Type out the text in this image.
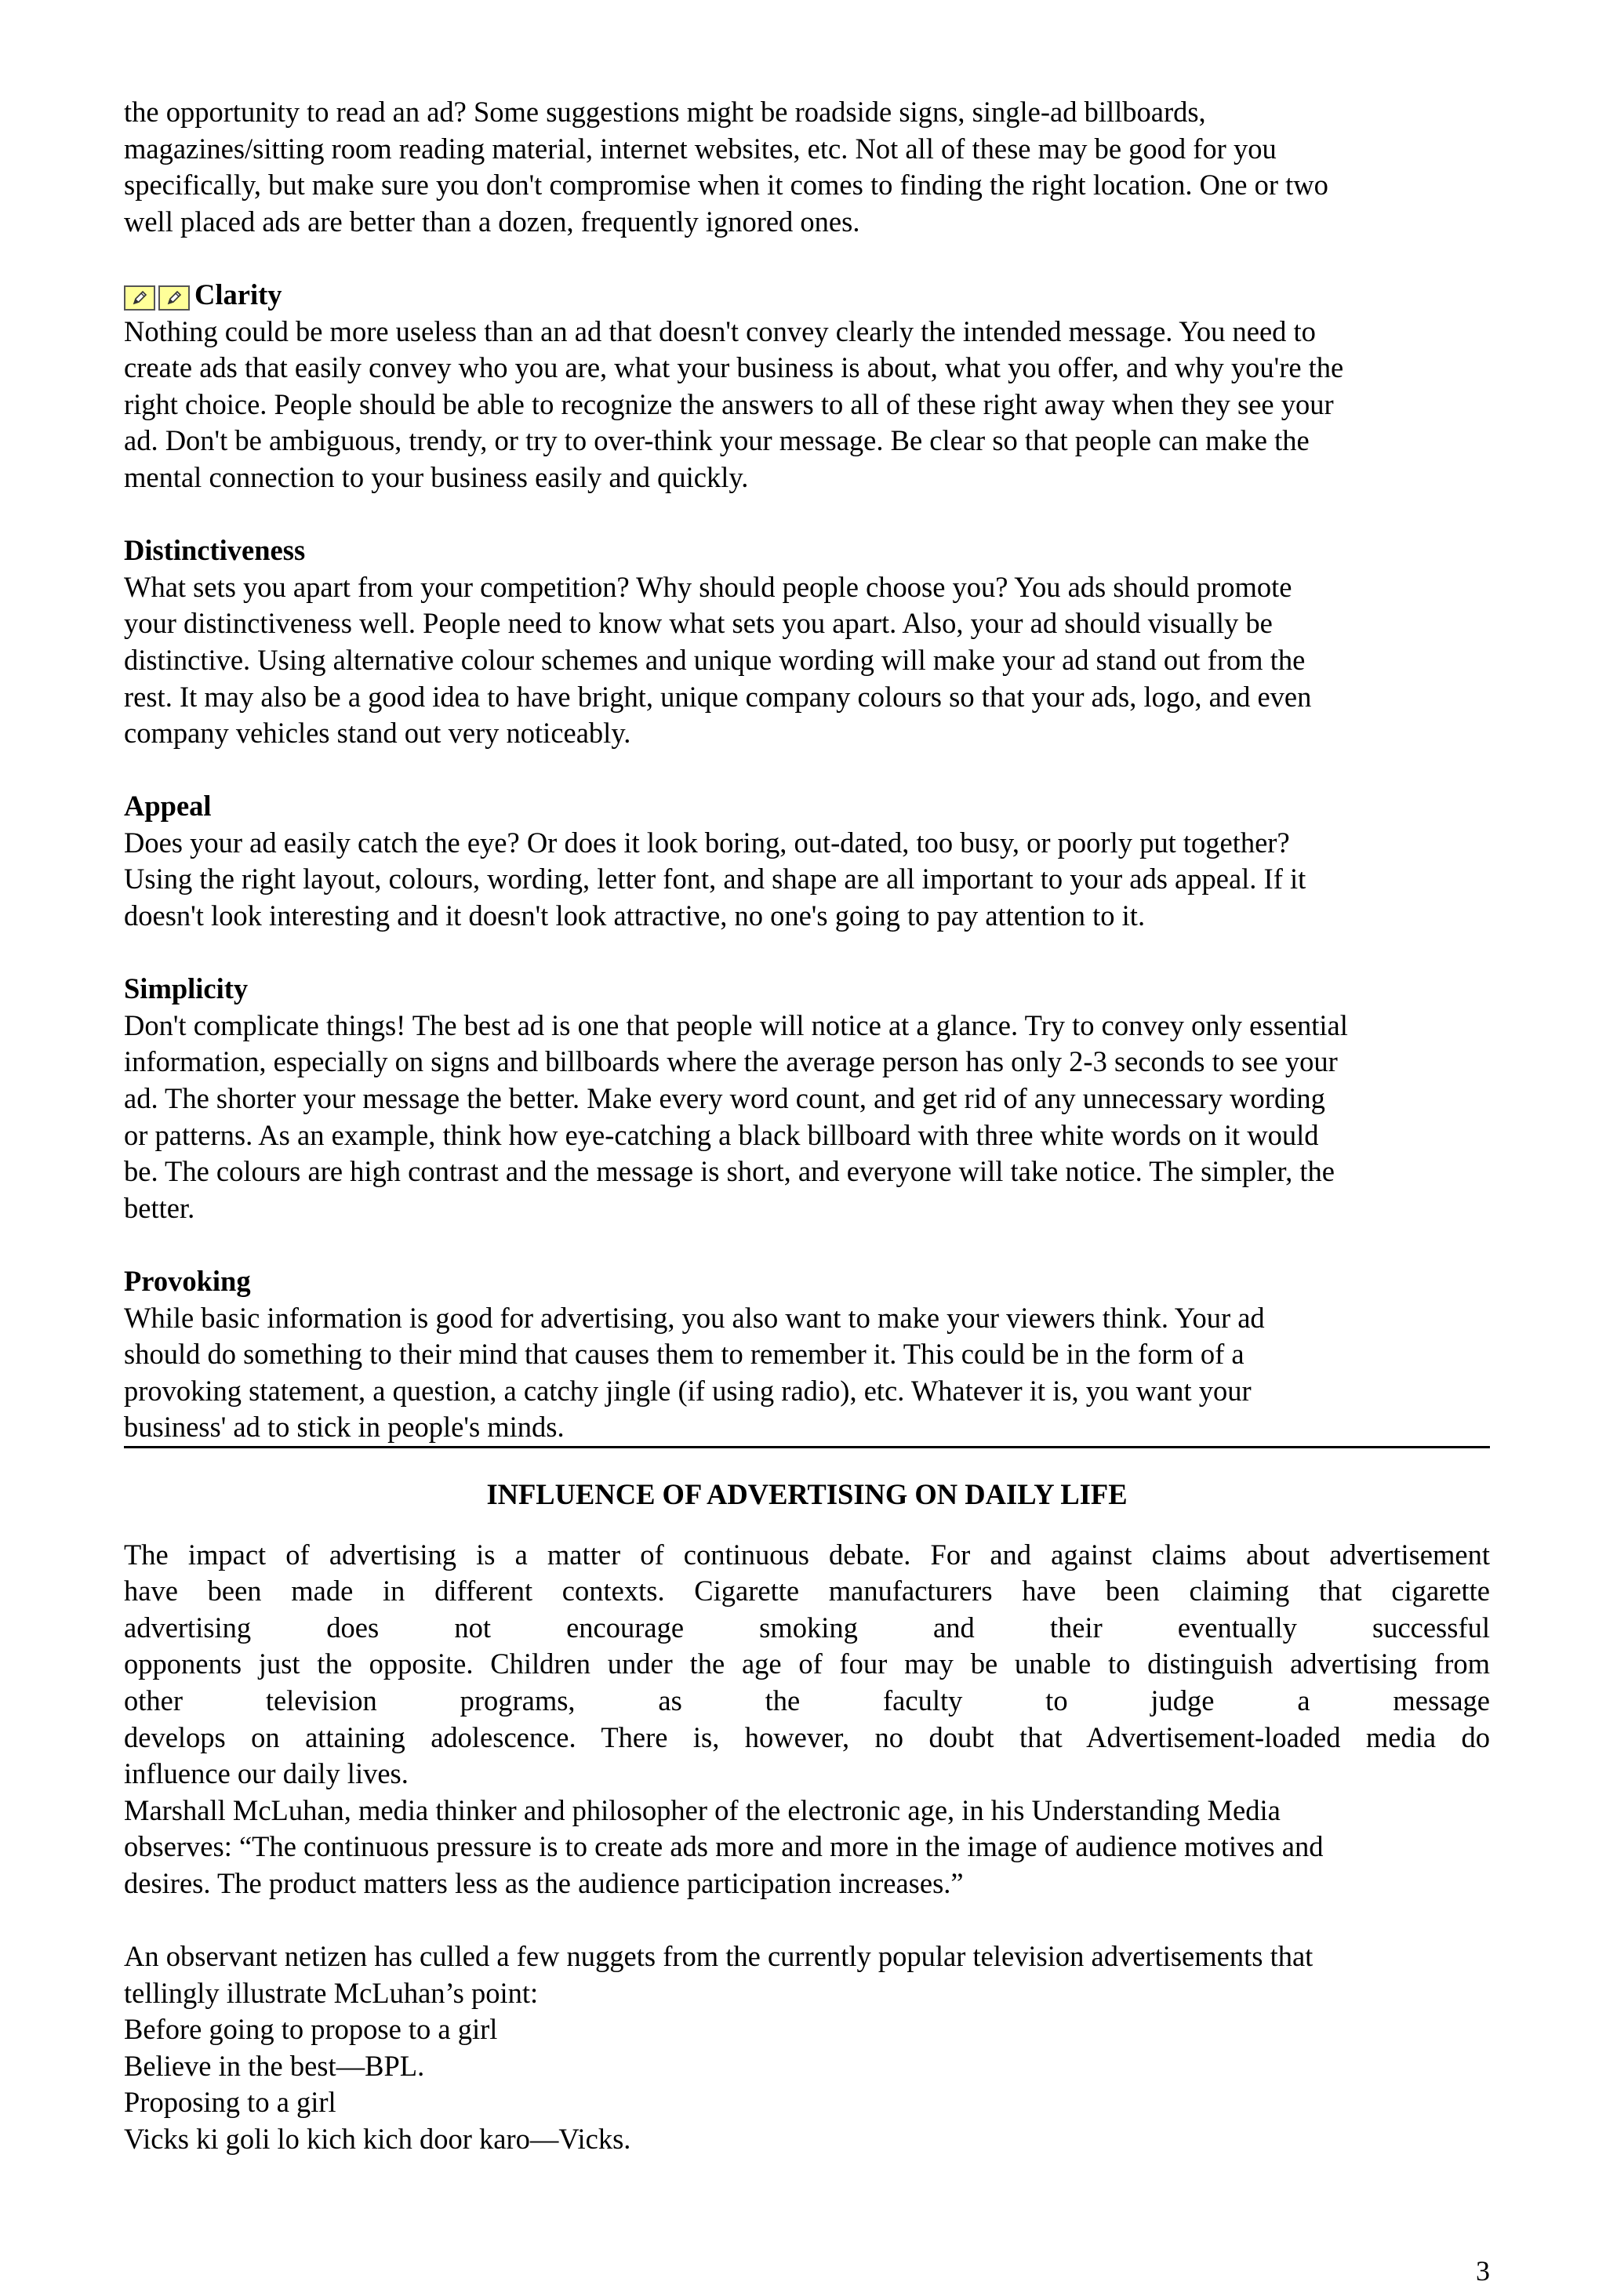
the opportunity to read an ad? Some suggestions might be roadside signs, single-ad billboards,

magazines/sitting room reading material, internet websites, etc. Not all of these may be good for you

specifically, but make sure you don't compromise when it comes to finding the right location. One or two

well placed ads are better than a dozen, frequently ignored ones.

Clarity

Nothing could be more useless than an ad that doesn't convey clearly the intended message. You need to

create ads that easily convey who you are, what your business is about, what you offer, and why you're the

right choice. People should be able to recognize the answers to all of these right away when they see your

ad. Don't be ambiguous, trendy, or try to over-think your message. Be clear so that people can make the

mental connection to your business easily and quickly.

Distinctiveness

What sets you apart from your competition? Why should people choose you? You ads should promote

your distinctiveness well. People need to know what sets you apart. Also, your ad should visually be

distinctive. Using alternative colour schemes and unique wording will make your ad stand out from the

rest. It may also be a good idea to have bright, unique company colours so that your ads, logo, and even

company vehicles stand out very noticeably.

Appeal

Does your ad easily catch the eye? Or does it look boring, out-dated, too busy, or poorly put together?

Using the right layout, colours, wording, letter font, and shape are all important to your ads appeal. If it

doesn't look interesting and it doesn't look attractive, no one's going to pay attention to it.

Simplicity

Don't complicate things! The best ad is one that people will notice at a glance. Try to convey only essential

information, especially on signs and billboards where the average person has only 2-3 seconds to see your

ad. The shorter your message the better. Make every word count, and get rid of any unnecessary wording

or patterns. As an example, think how eye-catching a black billboard with three white words on it would

be. The colours are high contrast and the message is short, and everyone will take notice. The simpler, the

better.

Provoking

While basic information is good for advertising, you also want to make your viewers think. Your ad

should do something to their mind that causes them to remember it. This could be in the form of a

provoking statement, a question, a catchy jingle (if using radio), etc. Whatever it is, you want your

business' ad to stick in people's minds.

INFLUENCE OF ADVERTISING ON DAILY LIFE

The impact of advertising is a matter of continuous debate. For and against claims about advertisement

have been made in different contexts. Cigarette manufacturers have been claiming that cigarette

advertising does not encourage smoking and their eventually successful

opponents just the opposite. Children under the age of four may be unable to distinguish advertising from

other television programs, as the faculty to judge a message

develops on attaining adolescence. There is, however, no doubt that Advertisement-loaded media do

influence our daily lives.

Marshall McLuhan, media thinker and philosopher of the electronic age, in his Understanding Media

observes: “The continuous pressure is to create ads more and more in the image of audience motives and

desires. The product matters less as the audience participation increases.”

An observant netizen has culled a few nuggets from the currently popular television advertisements that

tellingly illustrate McLuhan’s point:

Before going to propose to a girl

Believe in the best—BPL.

Proposing to a girl

Vicks ki goli lo kich kich door karo—Vicks.

3
